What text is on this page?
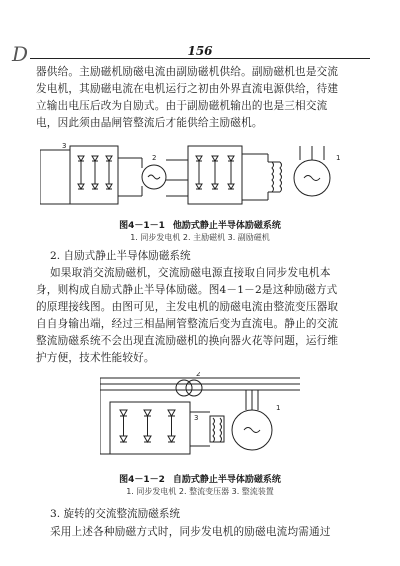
D	156
器供给。主励磁机励磁电流由副励磁机供给。副励磁机也是交流
发电机，其励磁电流在电机运行之初由外界直流电源供给，待建
立输出电压后改为自励式。由于副励磁机输出的也是三相交流
电，因此须由晶闸管整流后才能供给主励磁机。
3
2	1
图4－1－1 他励式静止半导体励磁系统
1. 同步发电机 2. 主励磁机 3. 副励磁机
2. 自励式静止半导体励磁系统
如果取消交流励磁机，交流励磁电源直接取自同步发电机本
身，则构成自励式静止半导体励磁。图4－1－2是这种励磁方式
的原理接线图。由图可见，主发电机的励磁电流由整流变压器取
自自身输出端，经过三相晶闸管整流后变为直流电。静止的交流
整流励磁系统不会出现直流励磁机的换向器火花等问题，运行维
护方便，技术性能较好。
2
3
1
图4－1－2 自励式静止半导体励磁系统
1. 同步发电机 2. 整流变压器 3. 整流装置
3. 旋转的交流整流励磁系统
采用上述各种励磁方式时，同步发电机的励磁电流均需通过
